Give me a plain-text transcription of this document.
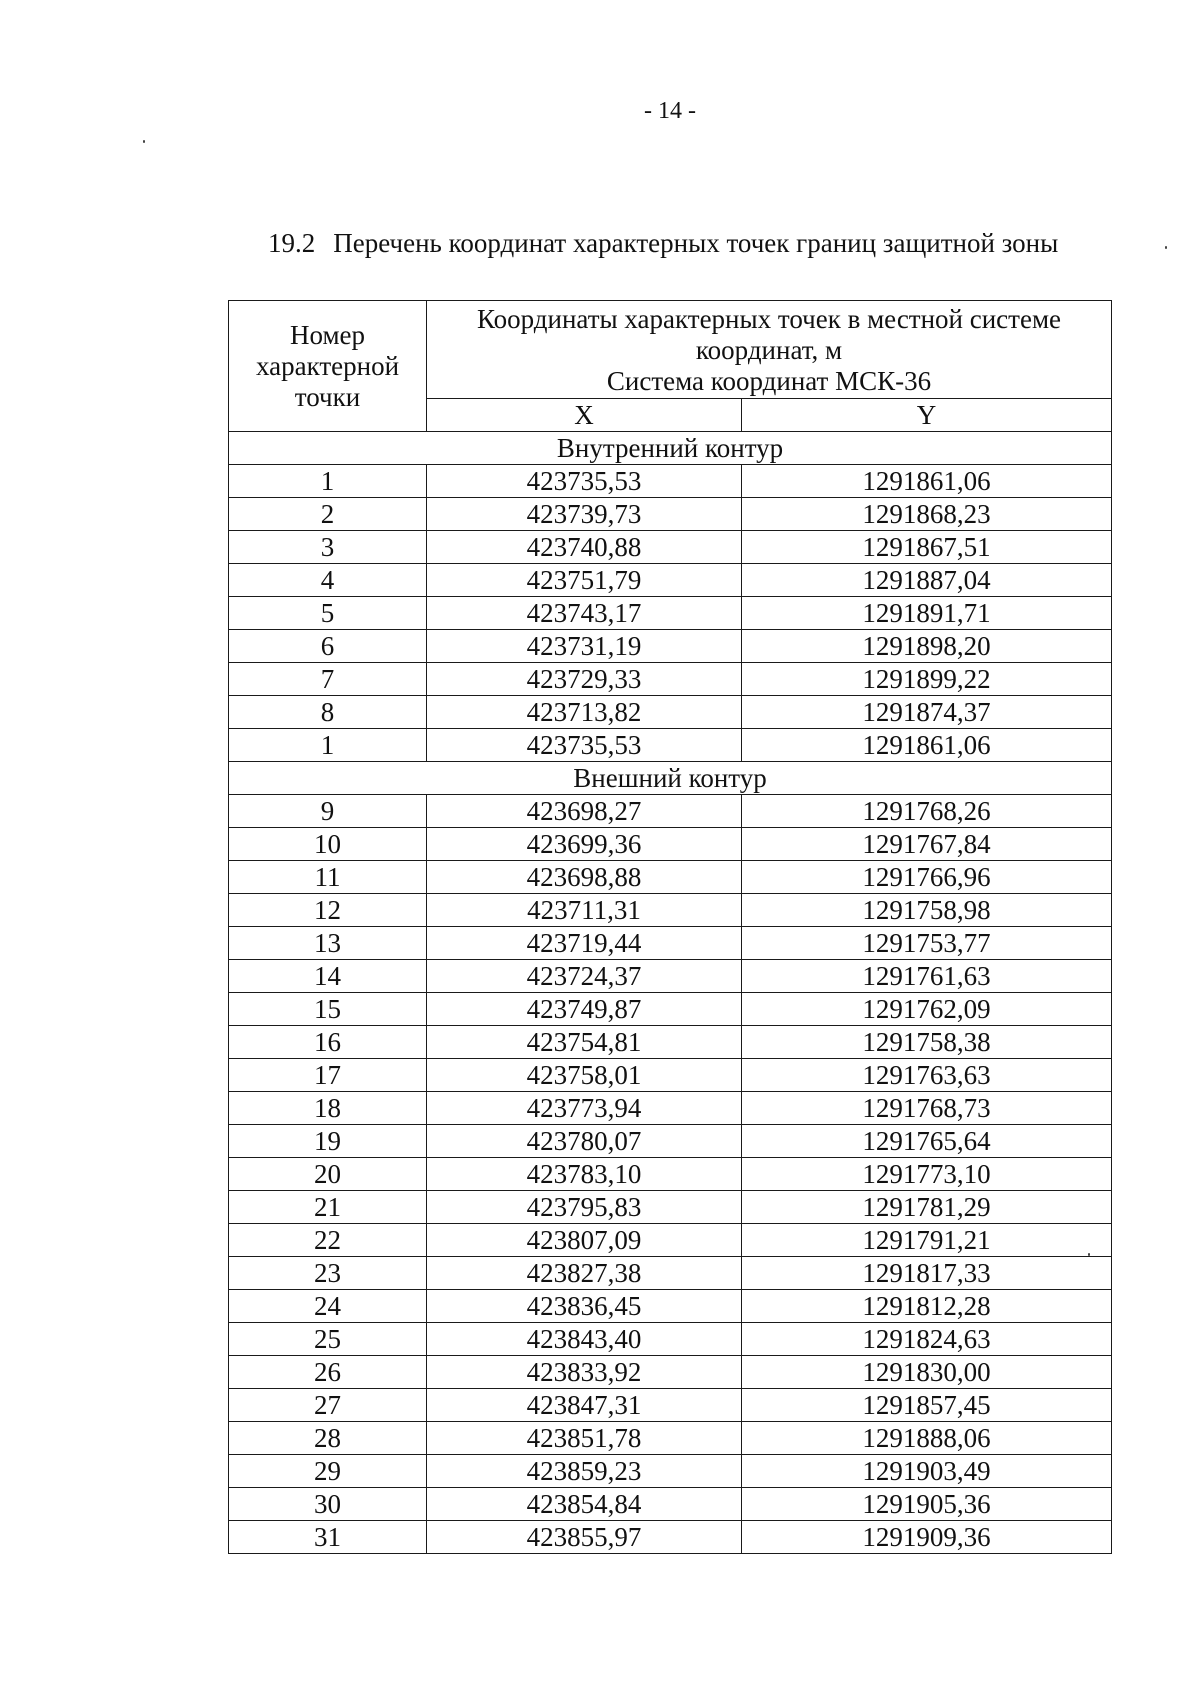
- 14 -
19.2 Перечень координат характерных точек границ защитной зоны
Номер
характерной
точки	Координаты характерных точек в местной системе
координат, м
Система координат МСК-36	
	X	Y
Внутренний контур		
1	423735,53	1291861,06
2	423739,73	1291868,23
3	423740,88	1291867,51
4	423751,79	1291887,04
5	423743,17	1291891,71
6	423731,19	1291898,20
7	423729,33	1291899,22
8	423713,82	1291874,37
1	423735,53	1291861,06
Внешний контур		
9	423698,27	1291768,26
10	423699,36	1291767,84
11	423698,88	1291766,96
12	423711,31	1291758,98
13	423719,44	1291753,77
14	423724,37	1291761,63
15	423749,87	1291762,09
16	423754,81	1291758,38
17	423758,01	1291763,63
18	423773,94	1291768,73
19	423780,07	1291765,64
20	423783,10	1291773,10
21	423795,83	1291781,29
22	423807,09	1291791,21
23	423827,38	1291817,33
24	423836,45	1291812,28
25	423843,40	1291824,63
26	423833,92	1291830,00
27	423847,31	1291857,45
28	423851,78	1291888,06
29	423859,23	1291903,49
30	423854,84	1291905,36
31	423855,97	1291909,36
